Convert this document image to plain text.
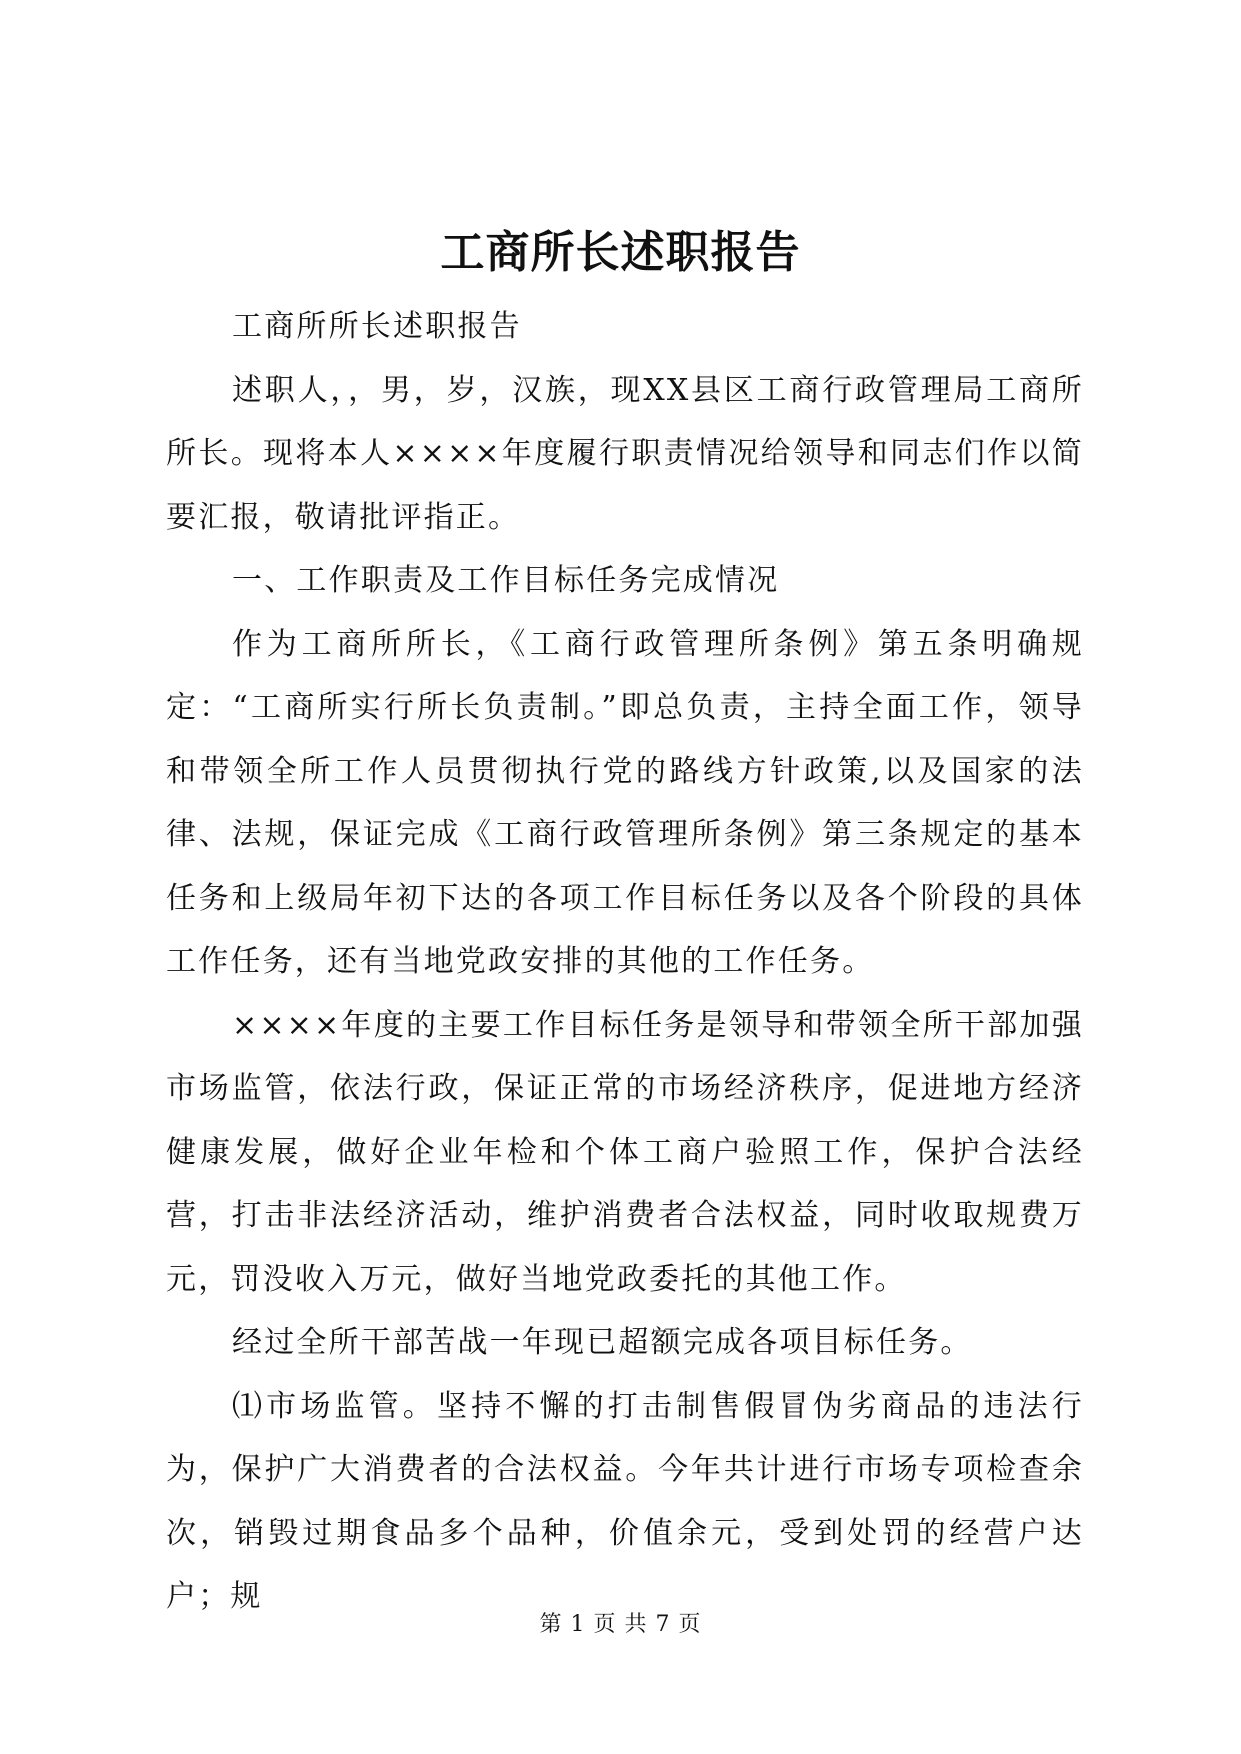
工商所长述职报告

工商所所长述职报告

述职人，，男，岁，汉族，现XX县区工商行政管理局工商所所长。现将本人××××年度履行职责情况给领导和同志们作以简要汇报，敬请批评指正。

一、工作职责及工作目标任务完成情况

作为工商所所长，《工商行政管理所条例》第五条明确规定：“工商所实行所长负责制。”即总负责，主持全面工作，领导和带领全所工作人员贯彻执行党的路线方针政策,以及国家的法律、法规，保证完成《工商行政管理所条例》第三条规定的基本任务和上级局年初下达的各项工作目标任务以及各个阶段的具体工作任务，还有当地党政安排的其他的工作任务。

××××年度的主要工作目标任务是领导和带领全所干部加强市场监管，依法行政，保证正常的市场经济秩序，促进地方经济健康发展，做好企业年检和个体工商户验照工作，保护合法经营，打击非法经济活动，维护消费者合法权益，同时收取规费万元，罚没收入万元，做好当地党政委托的其他工作。

经过全所干部苦战一年现已超额完成各项目标任务。

⑴市场监管。坚持不懈的打击制售假冒伪劣商品的违法行为，保护广大消费者的合法权益。今年共计进行市场专项检查余次，销毁过期食品多个品种，价值余元，受到处罚的经营户达户；规

第 1 页 共 7 页
